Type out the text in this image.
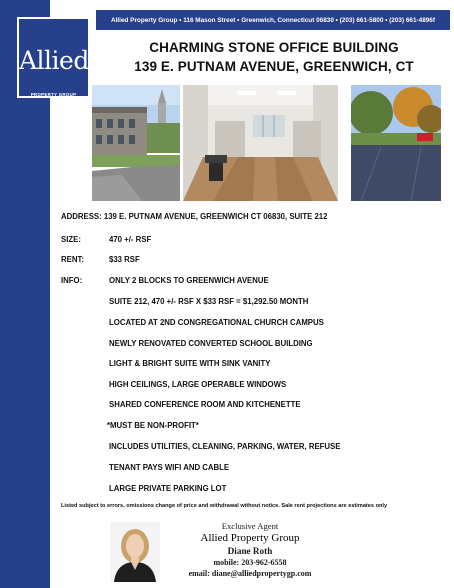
Allied Property Group • 116 Mason Street • Greenwich, Connecticut 06830 • (203) 661-5800 • (203) 661-4896f
Allied
PROPERTY GROUP
CHARMING STONE OFFICE BUILDING
139 E. PUTNAM AVENUE, GREENWICH, CT
ADDRESS: 139 E. PUTNAM AVENUE, GREENWICH CT 06830, SUITE 212
SIZE:	470 +/- RSF
RENT:	$33 RSF
INFO:	ONLY 2 BLOCKS TO GREENWICH AVENUE
SUITE 212, 470 +/- RSF X $33 RSF = $1,292.50 MONTH
LOCATED AT 2ND CONGREGATIONAL CHURCH CAMPUS
NEWLY RENOVATED CONVERTED SCHOOL BUILDING
LIGHT & BRIGHT SUITE WITH SINK VANITY
HIGH CEILINGS, LARGE OPERABLE WINDOWS
SHARED CONFERENCE ROOM AND KITCHENETTE
*MUST BE NON-PROFIT*
INCLUDES UTILITIES, CLEANING, PARKING, WATER, REFUSE
TENANT PAYS WIFI AND CABLE
LARGE PRIVATE PARKING LOT
Listed subject to errors, omissions change of price and withdrawal without notice. Sale rent projections are estimates only
Exclusive Agent
Allied Property Group
Diane Roth
mobile: 203-962-6558
email: diane@alliedpropertygp.com
